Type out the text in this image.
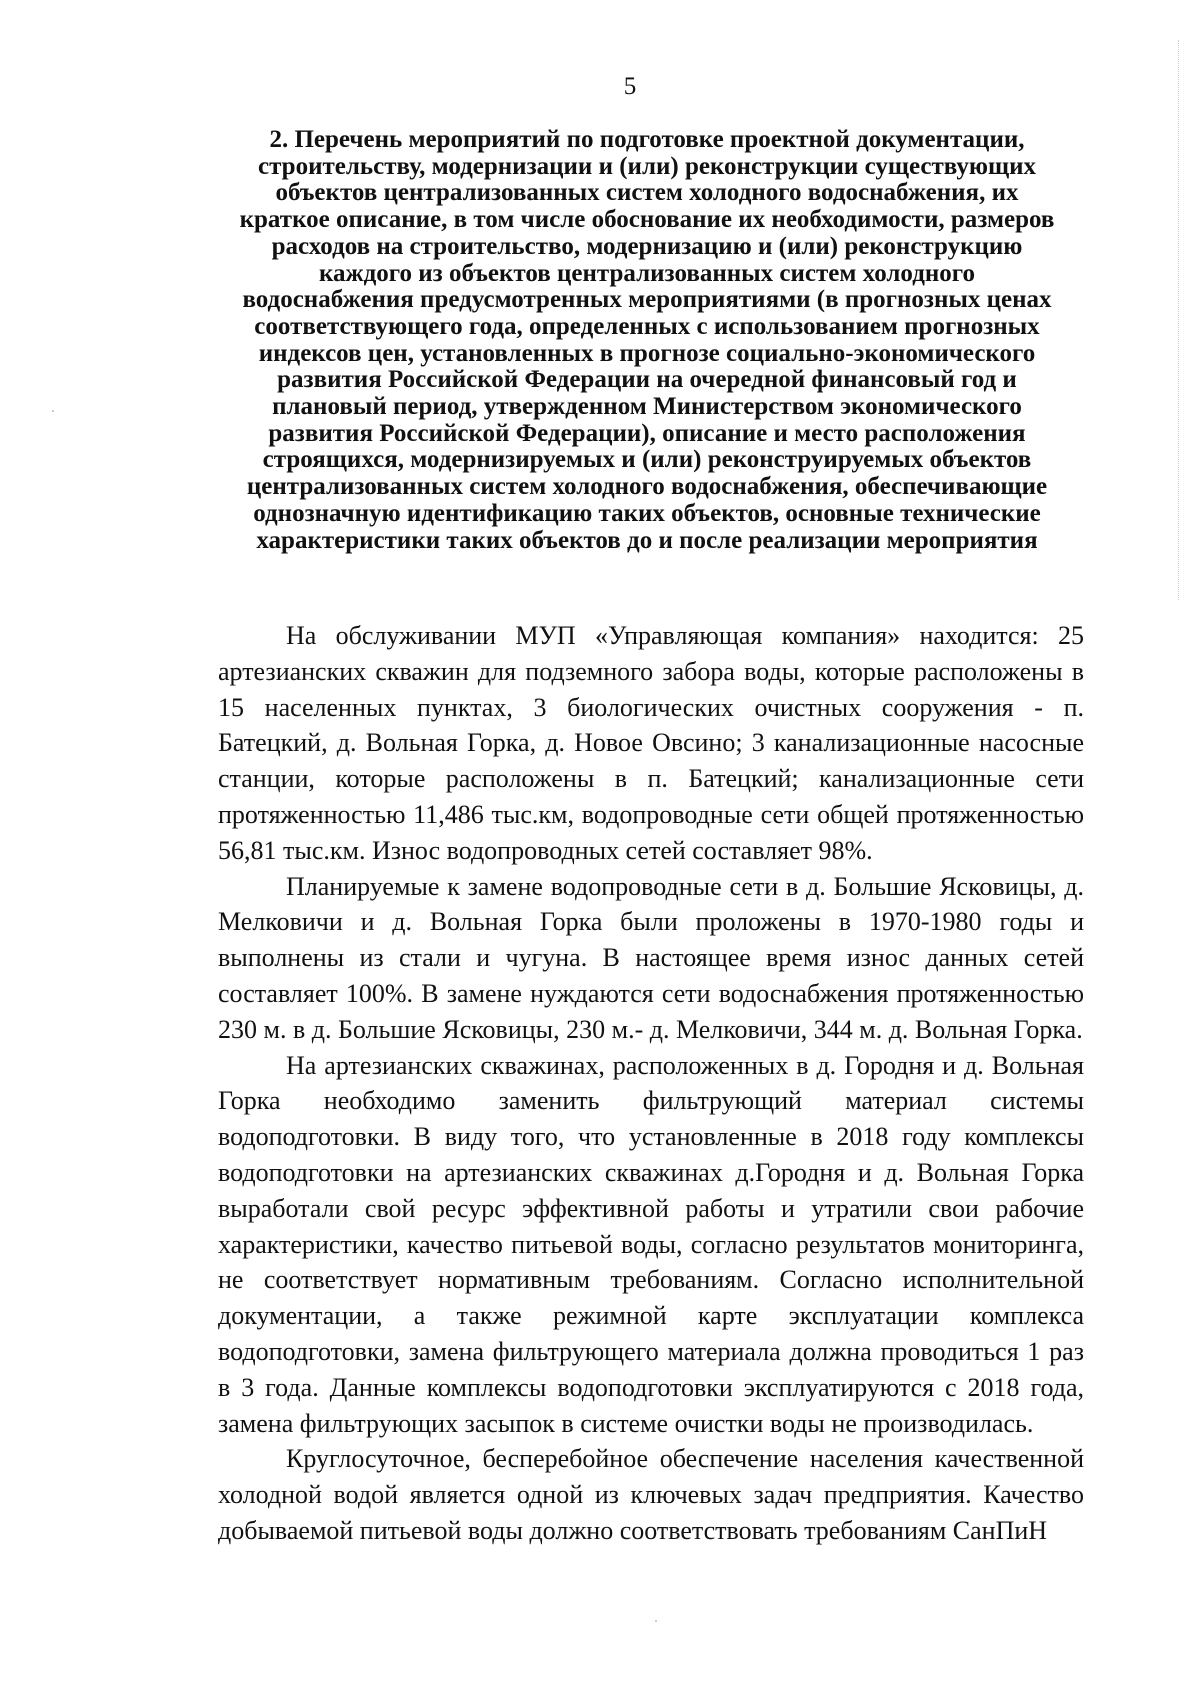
5
2. Перечень мероприятий по подготовке проектной документации,
строительству, модернизации и (или) реконструкции существующих
объектов централизованных систем холодного водоснабжения, их
краткое описание, в том числе обоснование их необходимости, размеров
расходов на строительство, модернизацию и (или) реконструкцию
каждого из объектов централизованных систем холодного
водоснабжения предусмотренных мероприятиями (в прогнозных ценах
соответствующего года, определенных с использованием прогнозных
индексов цен, установленных в прогнозе социально-экономического
развития Российской Федерации на очередной финансовый год и
плановый период, утвержденном Министерством экономического
развития Российской Федерации), описание и место расположения
строящихся, модернизируемых и (или) реконструируемых объектов
централизованных систем холодного водоснабжения, обеспечивающие
однозначную идентификацию таких объектов, основные технические
характеристики таких объектов до и после реализации мероприятия

На обслуживании МУП «Управляющая компания» находится: 25 артезианских скважин для подземного забора воды, которые расположены в 15 населенных пунктах, 3 биологических очистных сооружения - п. Батецкий, д. Вольная Горка, д. Новое Овсино; 3 канализационные насосные станции, которые расположены в п. Батецкий; канализационные сети протяженностью 11,486 тыс.км, водопроводные сети общей протяженностью 56,81 тыс.км. Износ водопроводных сетей составляет 98%.

Планируемые к замене водопроводные сети в д. Большие Ясковицы, д. Мелковичи и д. Вольная Горка были проложены в 1970-1980 годы и выполнены из стали и чугуна. В настоящее время износ данных сетей составляет 100%. В замене нуждаются сети водоснабжения протяженностью 230 м. в д. Большие Ясковицы, 230 м.- д. Мелковичи, 344 м. д. Вольная Горка.

На артезианских скважинах, расположенных в д. Городня и д. Вольная Горка необходимо заменить фильтрующий материал системы водоподготовки. В виду того, что установленные в 2018 году комплексы водоподготовки на артезианских скважинах д.Городня и д. Вольная Горка выработали свой ресурс эффективной работы и утратили свои рабочие характеристики, качество питьевой воды, согласно результатов мониторинга, не соответствует нормативным требованиям. Согласно исполнительной документации, а также режимной карте эксплуатации комплекса водоподготовки, замена фильтрующего материала должна проводиться 1 раз в 3 года. Данные комплексы водоподготовки эксплуатируются с 2018 года, замена фильтрующих засыпок в системе очистки воды не производилась.

Круглосуточное, бесперебойное обеспечение населения качественной холодной водой является одной из ключевых задач предприятия. Качество добываемой питьевой воды должно соответствовать требованиям СанПиН
